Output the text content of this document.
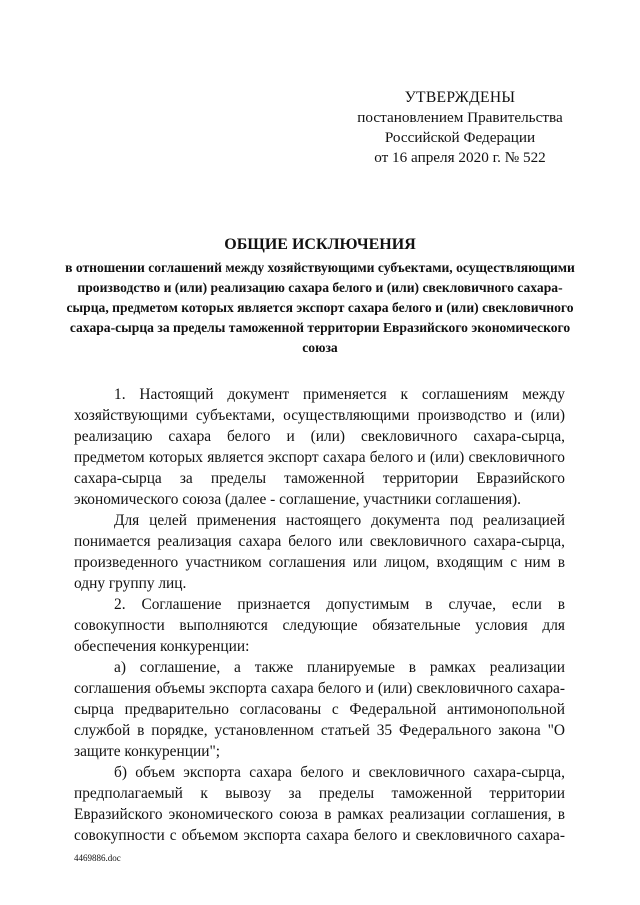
УТВЕРЖДЕНЫ
постановлением Правительства
Российской Федерации
от 16 апреля 2020 г. № 522
ОБЩИЕ ИСКЛЮЧЕНИЯ
в отношении соглашений между хозяйствующими субъектами, осуществляющими производство и (или) реализацию сахара белого и (или) свекловичного сахара-сырца, предметом которых является экспорт сахара белого и (или) свекловичного сахара-сырца за пределы таможенной территории Евразийского экономического союза

1. Настоящий документ применяется к соглашениям между хозяйствующими субъектами, осуществляющими производство и (или) реализацию сахара белого и (или) свекловичного сахара-сырца, предметом которых является экспорт сахара белого и (или) свекловичного сахара-сырца за пределы таможенной территории Евразийского экономического союза (далее - соглашение, участники соглашения).

Для целей применения настоящего документа под реализацией понимается реализация сахара белого или свекловичного сахара-сырца, произведенного участником соглашения или лицом, входящим с ним в одну группу лиц.

2. Соглашение признается допустимым в случае, если в совокупности выполняются следующие обязательные условия для обеспечения конкуренции:

а) соглашение, а также планируемые в рамках реализации соглашения объемы экспорта сахара белого и (или) свекловичного сахара-сырца предварительно согласованы с Федеральной антимонопольной службой в порядке, установленном статьей 35 Федерального закона "О защите конкуренции";

б) объем экспорта сахара белого и свекловичного сахара-сырца, предполагаемый к вывозу за пределы таможенной территории Евразийского экономического союза в рамках реализации соглашения, в совокупности с объемом экспорта сахара белого и свекловичного сахара-

4469886.doc
